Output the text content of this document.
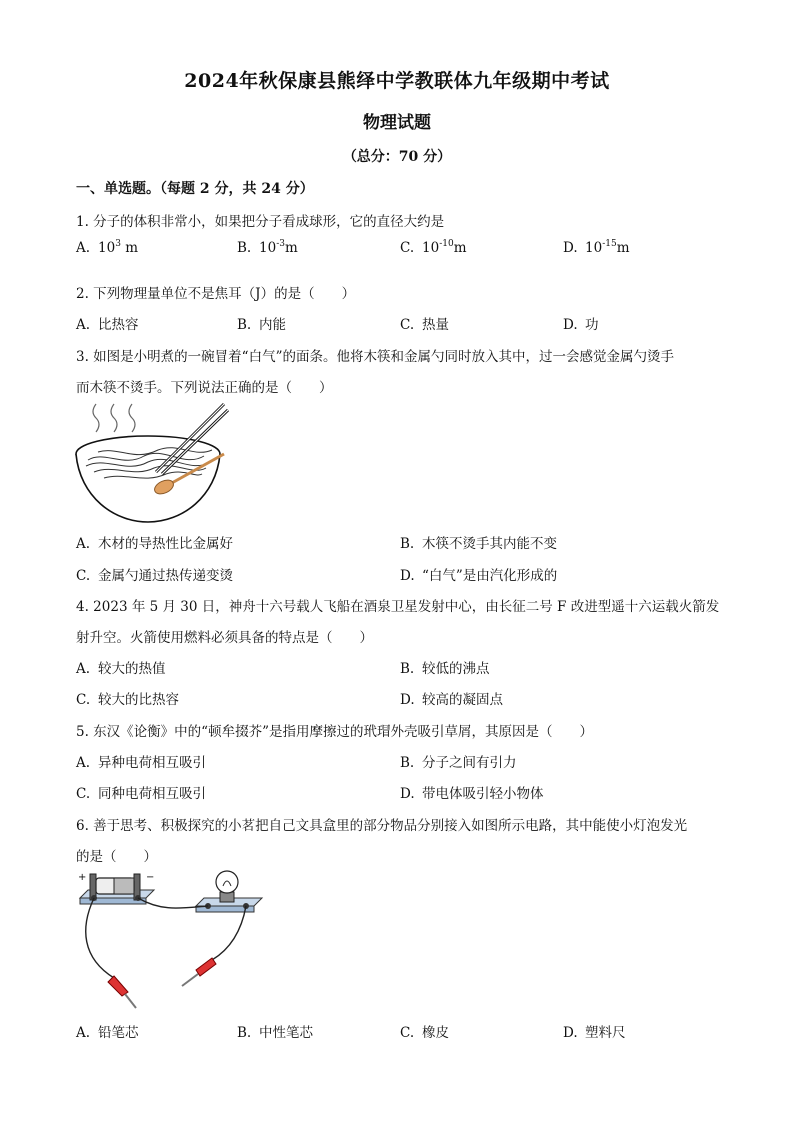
2024年秋保康县熊绎中学教联体九年级期中考试
物理试题
（总分：70 分）
一、单选题。（每题 2 分，共 24 分）
1. 分子的体积非常小，如果把分子看成球形，它的直径大约是
A. $10^3$ m	B. $10^{-3}m$	C. $10^{-10}m$	D. $10^{-15}m$
2. 下列物理量单位不是焦耳（J）的是（　　）
A. 比热容	B. 内能	C. 热量	D. 功
3. 如图是小明煮的一碗冒着“白气”的面条。他将木筷和金属勺同时放入其中，过一会感觉金属勺烫手
而木筷不烫手。下列说法正确的是（　　）
A. 木材的导热性比金属好	B. 木筷不烫手其内能不变
C. 金属勺通过热传递变烫	D. “白气”是由汽化形成的
4. 2023 年 5 月 30 日，神舟十六号载人飞船在酒泉卫星发射中心，由长征二号 F 改进型遥十六运载火箭发
射升空。火箭使用燃料必须具备的特点是（　　）
A. 较大的热值	B. 较低的沸点
C. 较大的比热容	D. 较高的凝固点
5. 东汉《论衡》中的“顿牟掇芥”是指用摩擦过的玳瑁外壳吸引草屑，其原因是（　　）
A. 异种电荷相互吸引	B. 分子之间有引力
C. 同种电荷相互吸引	D. 带电体吸引轻小物体
6. 善于思考、积极探究的小茗把自己文具盒里的部分物品分别接入如图所示电路，其中能使小灯泡发光
的是（　　）
+	−
A. 铅笔芯	B. 中性笔芯	C. 橡皮	D. 塑料尺
